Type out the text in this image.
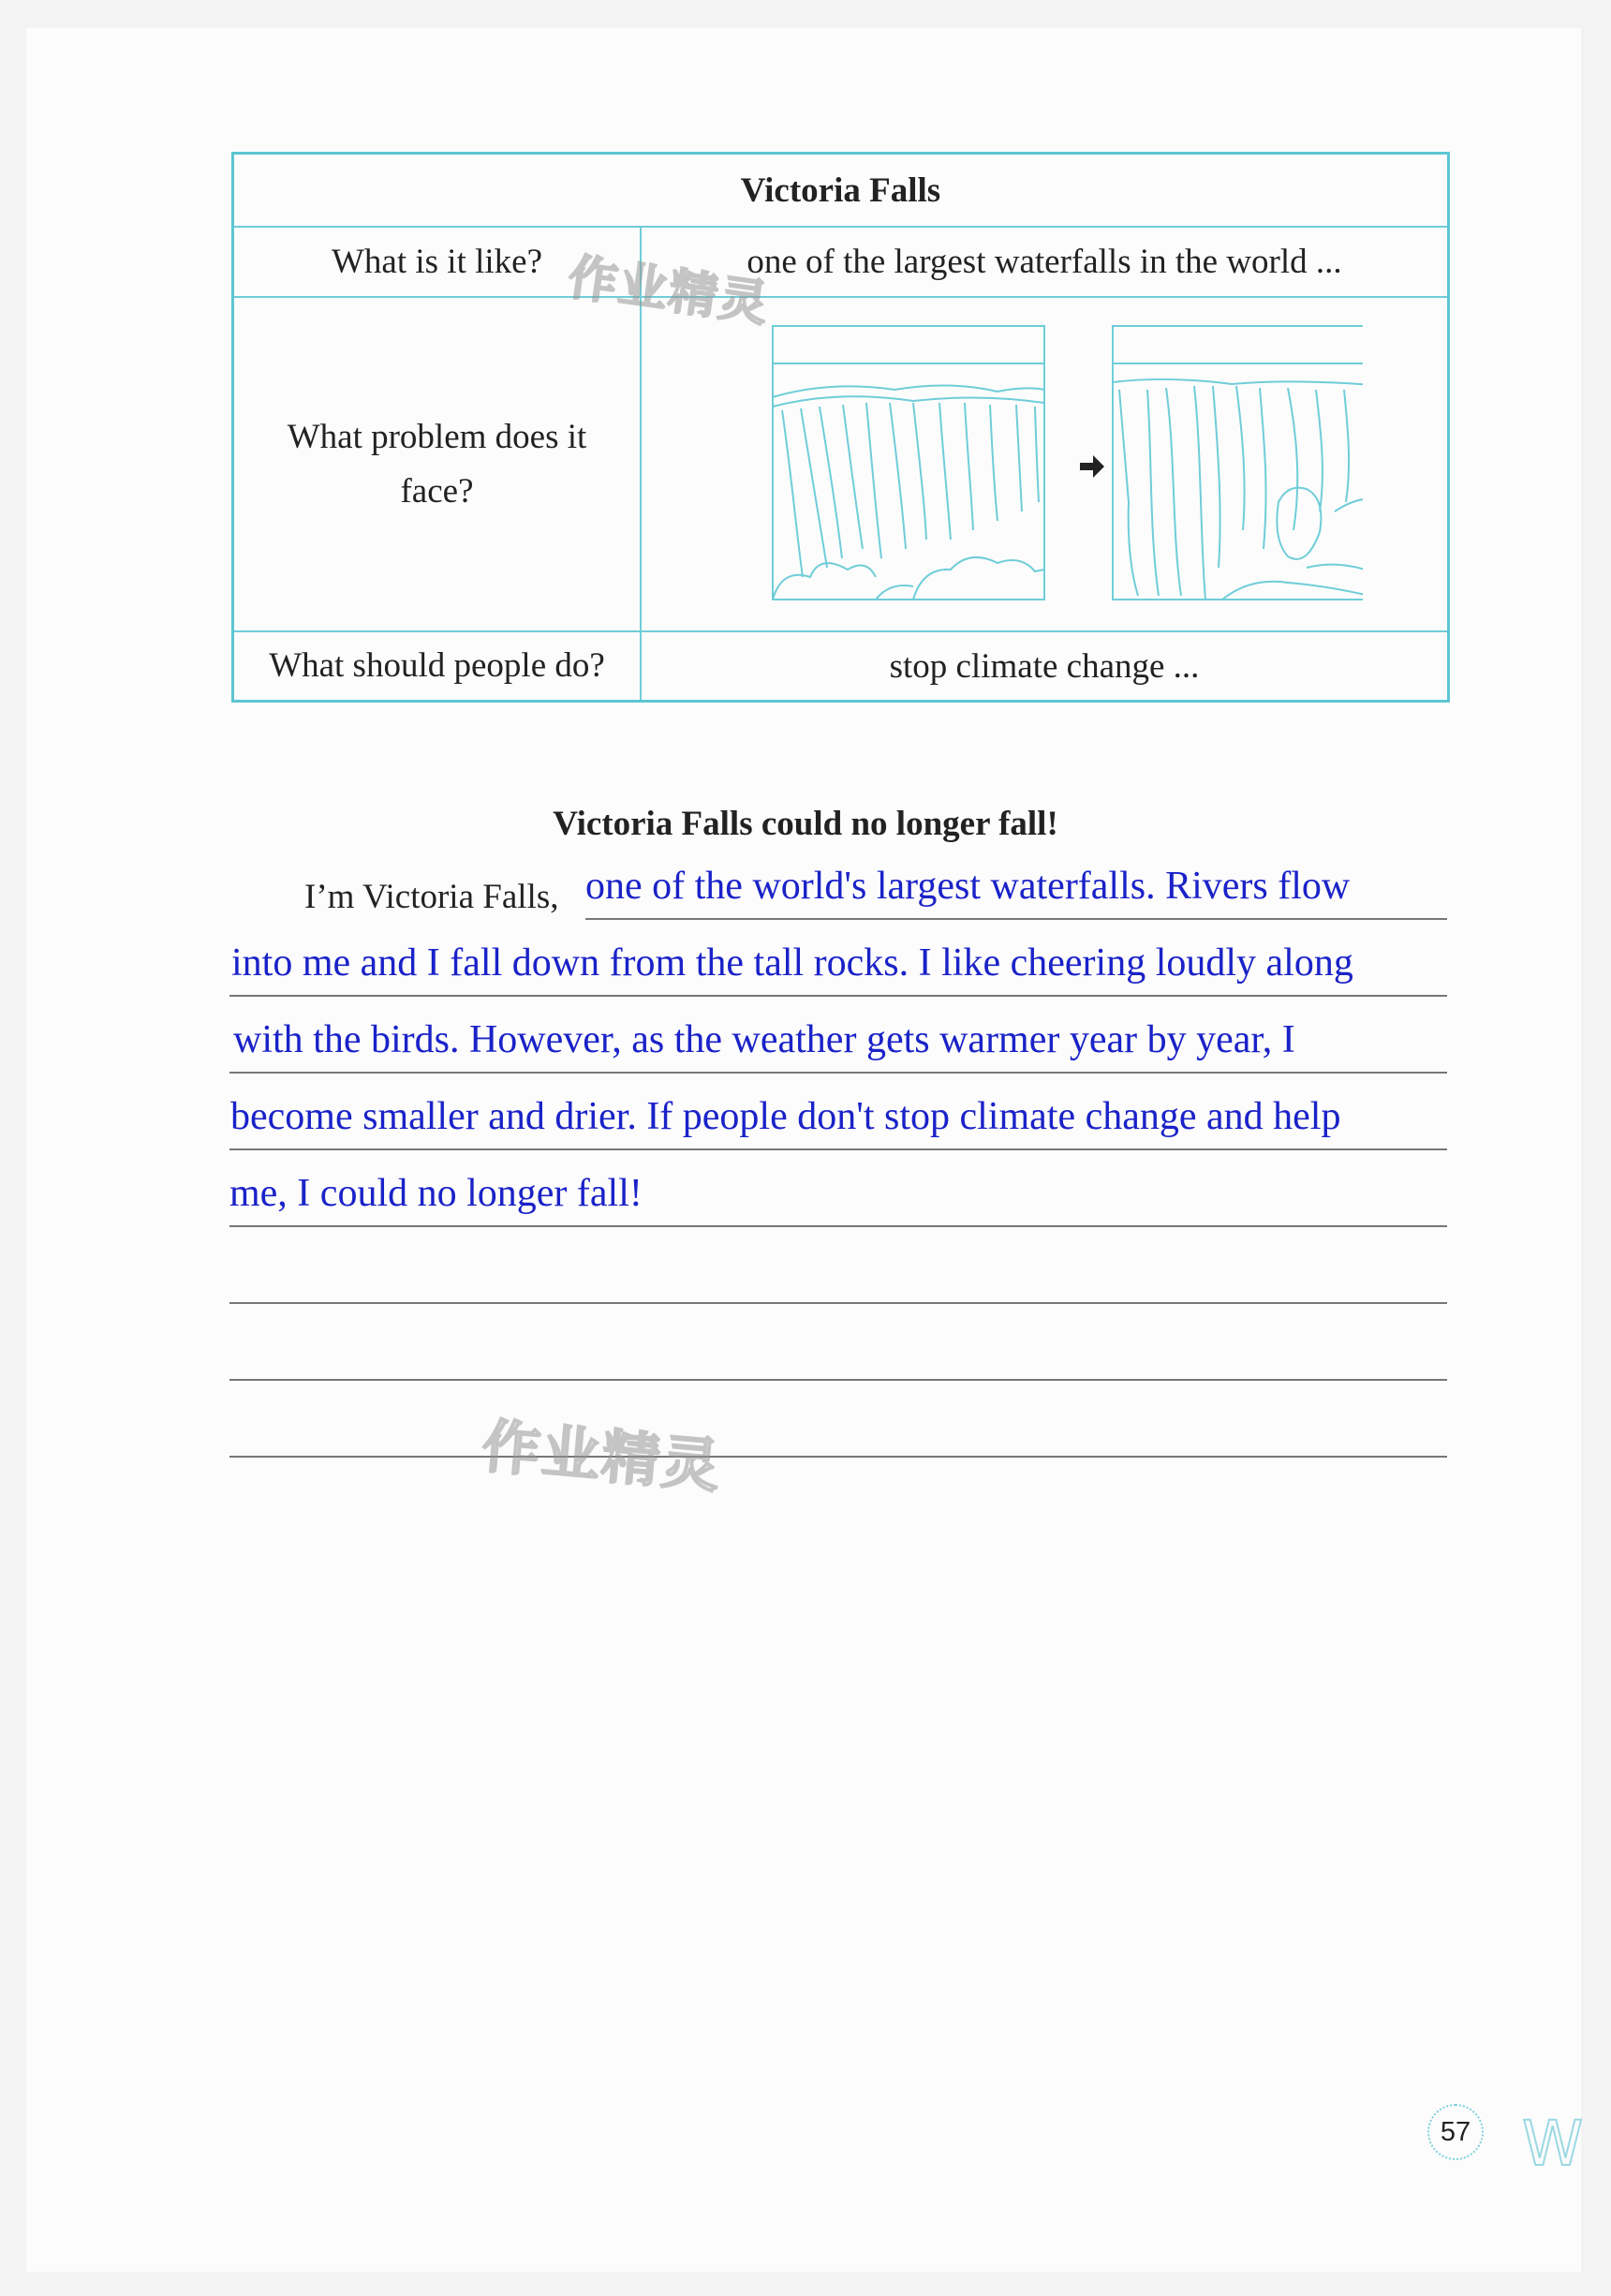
Victoria Falls	
What is it like?	one of the largest waterfalls in the world ...

What problem does it face?

What should people do?	stop climate change ...
作业精灵
Victoria Falls could no longer fall!
I’m Victoria Falls, one of the world's largest waterfalls. Rivers flow
into me and I fall down from the tall rocks. I like cheering loudly along
with the birds. However, as the weather gets warmer year by year, I
become smaller and drier. If people don't stop climate change and help
me, I could no longer fall!
作业精灵
57 W
